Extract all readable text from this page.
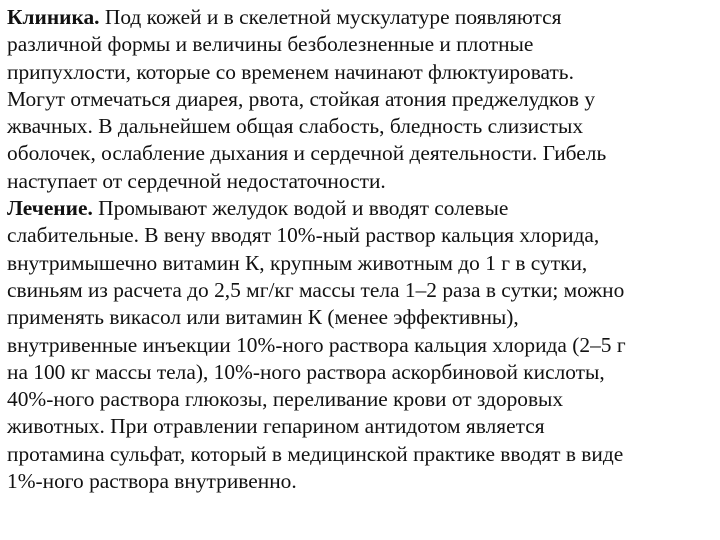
Клиника. Под кожей и в скелетной мускулатуре появляются
различной формы и величины безболезненные и плотные
припухлости, которые со временем начинают флюктуировать.
Могут отмечаться диарея, рвота, стойкая атония преджелудков у
жвачных. В дальнейшем общая слабость, бледность слизистых
оболочек, ослабление дыхания и сердечной деятельности. Гибель
наступает от сердечной недостаточности.
Лечение. Промывают желудок водой и вводят солевые
слабительные. В вену вводят 10%-ный раствор кальция хлорида,
внутримышечно витамин К, крупным животным до 1 г в сутки,
свиньям из расчета до 2,5 мг/кг массы тела 1–2 раза в сутки; можно
применять викасол или витамин К (менее эффективны),
внутривенные инъекции 10%-ного раствора кальция хлорида (2–5 г
на 100 кг массы тела), 10%-ного раствора аскорбиновой кислоты,
40%-ного раствора глюкозы, переливание крови от здоровых
животных. При отравлении гепарином антидотом является
протамина сульфат, который в медицинской практике вводят в виде
1%-ного раствора внутривенно.
